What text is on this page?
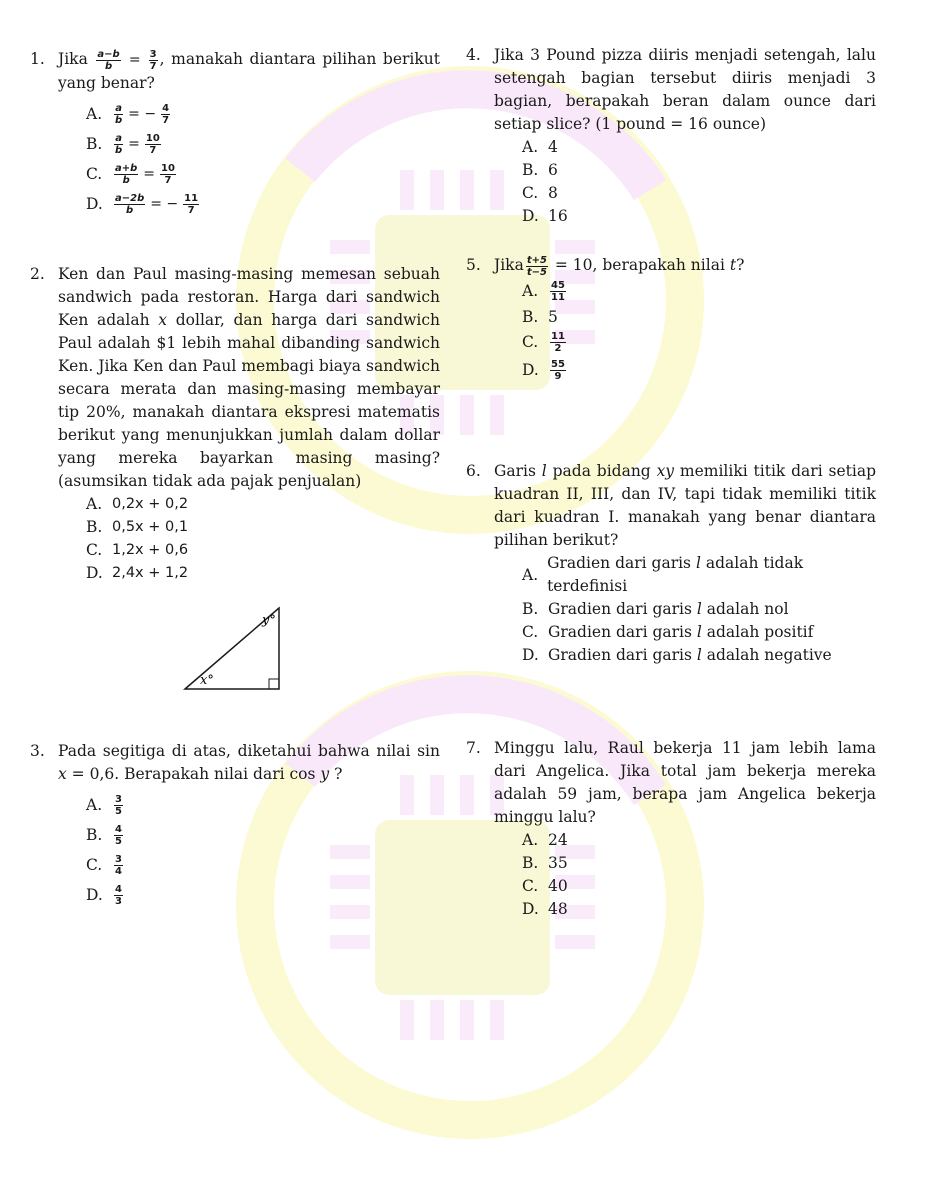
1. Jika $\frac{a-b}{b} = \frac{3}{7}$ , manakah diantara pilihan berikut yang benar?
A.	$\frac{a}{b}$ = − $\frac{4}{7}$
B.	$\frac{a}{b} = \frac{10}{7}$
C.	$\frac{a+b}{b} = \frac{10}{7}$
D.	$\frac{a-2b}{b}$ = − $\frac{11}{7}$
2. Ken dan Paul masing-masing memesan sebuah sandwich pada restoran. Harga dari sandwich Ken adalah x dollar, dan harga dari sandwich Paul adalah $1 lebih mahal dibanding sandwich Ken. Jika Ken dan Paul membagi biaya sandwich secara merata dan masing-masing membayar tip 20%, manakah diantara ekspresi matematis berikut yang menunjukkan jumlah dalam dollar yang mereka bayarkan masing masing? (asumsikan tidak ada pajak penjualan)
A. 0,2x + 0,2
B. 0,5x + 0,1
C. 1,2x + 0,6
D. 2,4x + 1,2
x°
y°
3. Pada segitiga di atas, diketahui bahwa nilai sin x = 0,6. Berapakah nilai dari cos y ?
A.	$\frac{3}{5}$
B.	$\frac{4}{5}$
C.	$\frac{3}{4}$
D.	$\frac{4}{3}$
4. Jika 3 Pound pizza diiris menjadi setengah, lalu setengah bagian tersebut diiris menjadi 3 bagian, berapakah beran dalam ounce dari setiap slice? (1 pound = 16 ounce)
A. 4
B. 6
C. 8
D. 16
5. Jika $\frac{t+5}{t-5} = 10$, berapakah nilai t?
A.	$\frac{45}{11}$
B. 5
C.	$\frac{11}{2}$
D.	$\frac{55}{9}$
6. Garis l pada bidang xy memiliki titik dari setiap kuadran II, III, dan IV, tapi tidak memiliki titik dari kuadran I. manakah yang benar diantara pilihan berikut?
A.
Gradien dari garis l adalah tidak terdefinisi
B. Gradien dari garis l adalah nol
C. Gradien dari garis l adalah positif
D. Gradien dari garis l adalah negative
7. Minggu lalu, Raul bekerja 11 jam lebih lama dari Angelica. Jika total jam bekerja mereka adalah 59 jam, berapa jam Angelica bekerja minggu lalu?
A. 24
B. 35
C. 40
D. 48
